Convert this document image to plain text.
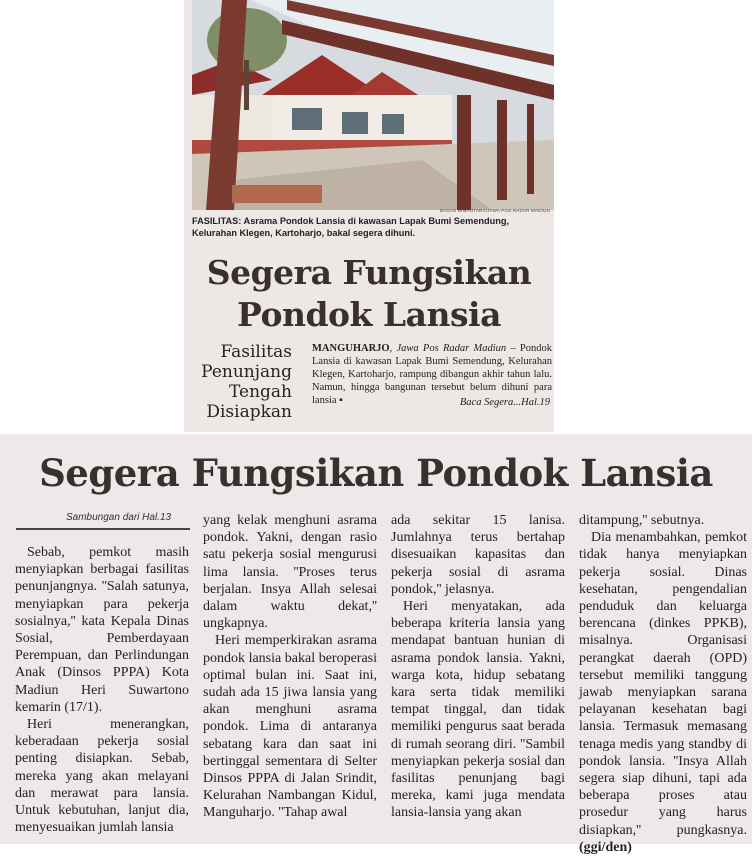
BAGAS BIMANTARA/JAWA POS RADAR MADIUN
FASILITAS: Asrama Pondok Lansia di kawasan Lapak Bumi Semendung, Kelurahan Klegen, Kartoharjo, bakal segera dihuni.
Segera Fungsikan Pondok Lansia
Fasilitas
Penunjang
Tengah
Disiapkan
MANGUHARJO, Jawa Pos Radar Madiun – Pondok Lansia di kawasan Lapak Bumi Semendung, Kelurahan Klegen, Kartoharjo, rampung dibangun akhir tahun lalu. Namun, hingga bangunan tersebut belum dihuni para lansia ▪	Baca Segera...Hal.19
Segera Fungsikan Pondok Lansia
Sambungan dari Hal.13

Sebab, pemkot masih menyiapkan berbagai fasilitas penunjangnya. ''Salah satunya, menyiapkan para pekerja sosialnya,'' kata Kepala Dinas Sosial, Pemberdayaan Perempuan, dan Perlindungan Anak (Dinsos PPPA) Kota Madiun Heri Suwartono kemarin (17/1).

Heri menerangkan, keberadaan pekerja sosial penting disiapkan. Sebab, mereka yang akan melayani dan merawat para lansia. Untuk kebutuhan, lanjut dia, menyesuaikan jumlah lansia

yang kelak menghuni asrama pondok. Yakni, dengan rasio satu pekerja sosial mengurusi lima lansia. ''Proses terus berjalan. Insya Allah selesai dalam waktu dekat,'' ungkapnya.

Heri memperkirakan asrama pondok lansia bakal beroperasi optimal bulan ini. Saat ini, sudah ada 15 jiwa lansia yang akan menghuni asrama pondok. Lima di antaranya sebatang kara dan saat ini bertinggal sementara di Selter Dinsos PPPA di Jalan Srindit, Kelurahan Nambangan Kidul, Manguharjo. ''Tahap awal

ada sekitar 15 lanisa. Jumlahnya terus bertahap disesuaikan kapasitas dan pekerja sosial di asrama pondok,'' jelasnya.

Heri menyatakan, ada beberapa kriteria lansia yang mendapat bantuan hunian di asrama pondok lansia. Yakni, warga kota, hidup sebatang kara serta tidak memiliki tempat tinggal, dan tidak memiliki pengurus saat berada di rumah seorang diri. ''Sambil menyiapkan pekerja sosial dan fasilitas penunjang bagi mereka, kami juga mendata lansia-lansia yang akan

ditampung,'' sebutnya.

Dia menambahkan, pemkot tidak hanya menyiapkan pekerja sosial. Dinas kesehatan, pengendalian penduduk dan keluarga berencana (dinkes PPKB), misalnya. Organisasi perangkat daerah (OPD) tersebut memiliki tanggung jawab menyiapkan sarana pelayanan kesehatan bagi lansia. Termasuk memasang tenaga medis yang standby di pondok lansia. ''Insya Allah segera siap dihuni, tapi ada beberapa proses atau prosedur yang harus disiapkan,'' pungkasnya. (ggi/den)
